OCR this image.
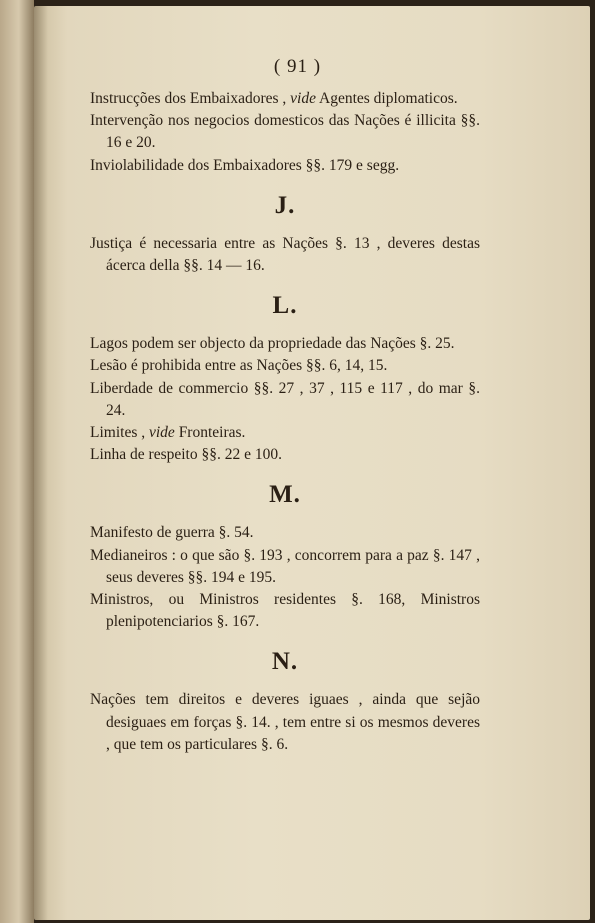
( 91 )

Instrucções dos Embaixadores , vide Agentes diplomaticos.

Intervenção nos negocios domesticos das Nações é illicita §§. 16 e 20.

Inviolabilidade dos Embaixadores §§. 179 e segg.

J.

Justiça é necessaria entre as Nações §. 13 , deveres destas ácerca della §§. 14 — 16.

L.

Lagos podem ser objecto da propriedade das Nações §. 25.

Lesão é prohibida entre as Nações §§. 6, 14, 15.

Liberdade de commercio §§. 27 , 37 , 115 e 117 , do mar §. 24.

Limites , vide Fronteiras.

Linha de respeito §§. 22 e 100.

M.

Manifesto de guerra §. 54.

Medianeiros : o que são §. 193 , concorrem para a paz §. 147 , seus deveres §§. 194 e 195.

Ministros, ou Ministros residentes §. 168, Ministros plenipotenciarios §. 167.

N.

Nações tem direitos e deveres iguaes , ainda que sejão desiguaes em forças §. 14. , tem entre si os mesmos deveres , que tem os particulares §. 6.
